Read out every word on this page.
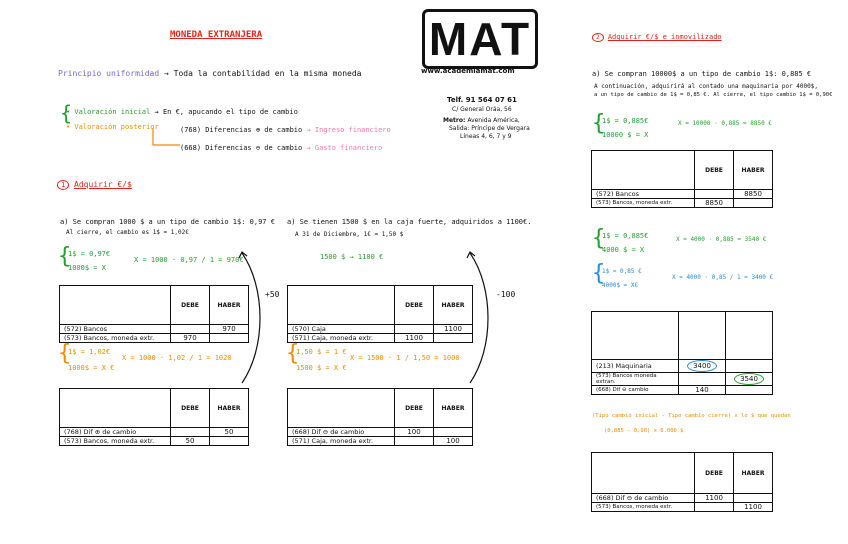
MONEDA EXTRANJERA
Principio uniformidad → Toda la contabilidad en la misma moneda
{
• Valoración inicial → En €, apucando el tipo de cambio
• Valoración posterior	(768) Diferencias ⊕ de cambio → Ingreso financiero
(668) Diferencias ⊖ de cambio → Gasto financiero
MAT
www.academiamat.com
Telf. 91 564 07 61
C/ General Oráa, 56
Metro: Avenida América,
Salida: Príncipe de Vergara
Líneas 4, 6, 7 y 9
1 Adquirir €/$
2 Adquirir €/$ e inmovilizado
a) Se compran 1000 $ a un tipo de cambio 1$: 0,97 €
Al cierre, el cambio es 1$ = 1,02€
{
1$ = 0,97€
1000$ = X
X = 1000 · 0,97 / 1 = 970€
	DEBE	HABER
(572) Bancos		970
(573) Bancos, moneda extr.	970	
{
1$ = 1,02€
1000$ = X €
X = 1000 · 1,02 / 1 = 1020
	DEBE	HABER
(768) Dif ⊕ de cambio		50
(573) Bancos, moneda extr.	50	
+50
a) Se tienen 1500 $ en la caja fuerte, adquiridos a 1100€.
A 31 de Diciembre, 1€ = 1,50 $
1500 $ → 1100 €
	DEBE	HABER
(570) Caja		1100
(571) Caja, moneda extr.	1100	
{
1,50 $ = 1 €
1500 $ = X €
X = 1500 · 1 / 1,50 = 1000
	DEBE	HABER
(668) Dif ⊖ de cambio	100	
(571) Caja, moneda extr.		100
-100
a) Se compran 10000$ a un tipo de cambio 1$: 0,885 €
A continuación, adquirirá al contado una maquinaria por 4000$,
a un tipo de cambio de 1$ = 0,85 €. Al cierre, el tipo cambio 1$ = 0,90€
{
1$ = 0,885€
10000 $ = X
X = 10000 · 0,885 = 8850 €
	DEBE	HABER
(572) Bancos		8850
(573) Bancos, moneda extr.	8850	
{
1$ = 0,885€
4000 $ = X
X = 4000 · 0,885 = 3540 €
{
1$ = 0,85 €
4000$ = X€
X = 4000 · 0,85 / 1 = 3400 €

(213) Maquinaria	3400	
(573) Bancos moneda extran.		3540
(668) Dif ⊖ cambio	140	
(Tipo cambio inicial - Tipo cambio cierre) x lo $ que quedan
(0,885 - 0,90) x 6.000 $
	DEBE	HABER
(668) Dif ⊖ de cambio	1100	
(573) Bancos, moneda extr.		1100
